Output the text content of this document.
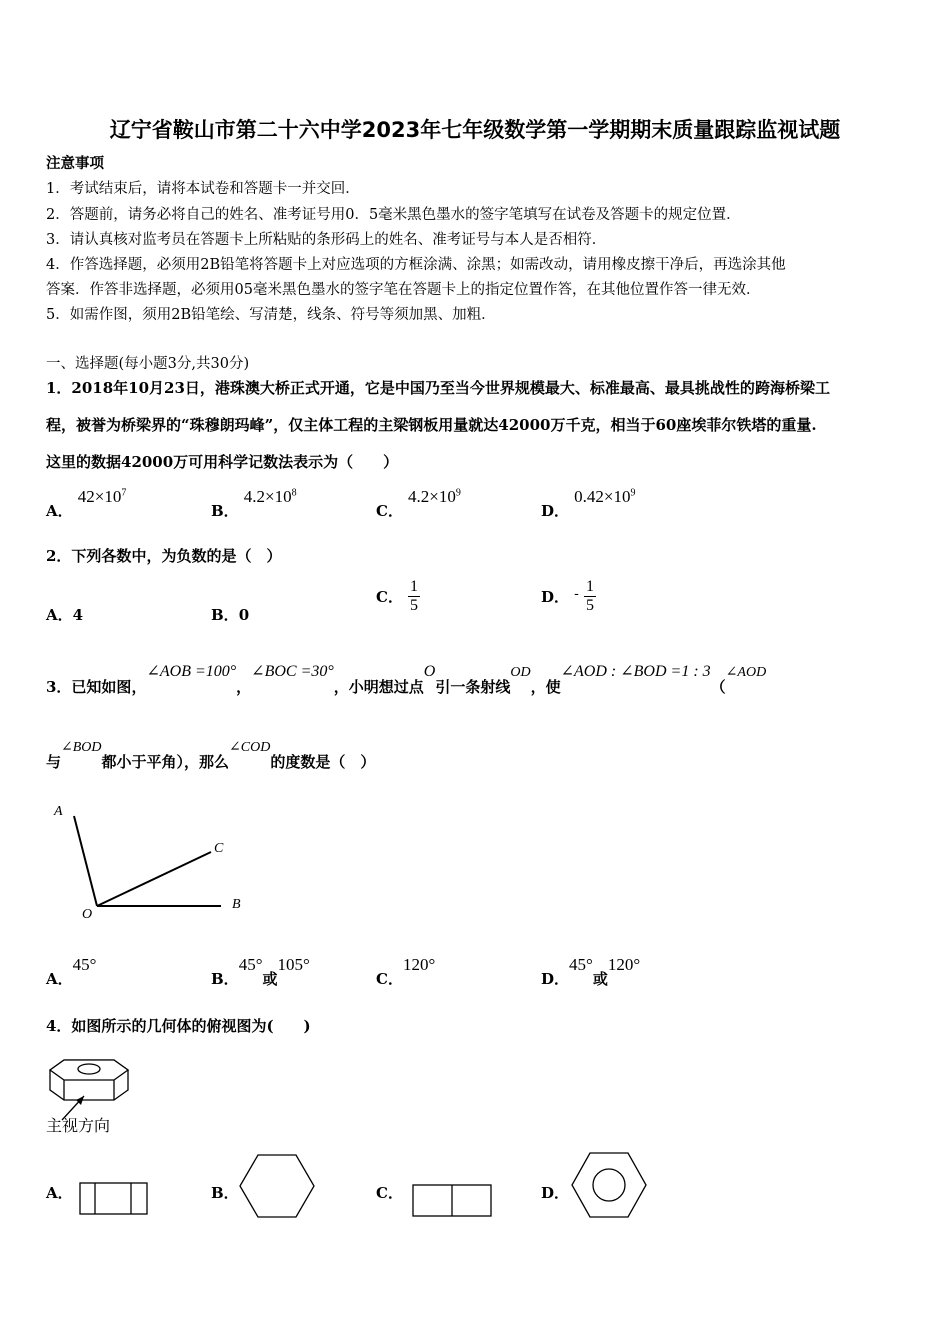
辽宁省鞍山市第二十六中学2023年七年级数学第一学期期末质量跟踪监视试题
注意事项
1．考试结束后，请将本试卷和答题卡一并交回．
2．答题前，请务必将自己的姓名、准考证号用0．5毫米黑色墨水的签字笔填写在试卷及答题卡的规定位置．
3．请认真核对监考员在答题卡上所粘贴的条形码上的姓名、准考证号与本人是否相符．
4．作答选择题，必须用2B铅笔将答题卡上对应选项的方框涂满、涂黑；如需改动，请用橡皮擦干净后，再选涂其他
答案．作答非选择题，必须用05毫米黑色墨水的签字笔在答题卡上的指定位置作答，在其他位置作答一律无效．
5．如需作图，须用2B铅笔绘、写清楚，线条、符号等须加黑、加粗．
一、选择题(每小题3分,共30分)
1．2018年10月23日，港珠澳大桥正式开通，它是中国乃至当今世界规模最大、标准最高、最具挑战性的跨海桥梁工
程，被誉为桥梁界的“珠穆朗玛峰”，仅主体工程的主梁钢板用量就达42000万千克，相当于60座埃菲尔铁塔的重量.
这里的数据42000万可用科学记数法表示为（　　）
A． $42\times 10^7$
B． $4.2\times 10^8$
C． $4.2\times 10^9$
D． $0.42\times 10^9$
2．下列各数中，为负数的是（　）
A．4	B．0
C． $\frac{1}{5}$	D． - $\frac{1}{5}$
3．已知如图，∠AOB =100°，∠BOC =30°，小明想过点O引一条射线OD，使∠AOD : ∠BOD =1 : 3（∠AOD
与∠BOD都小于平角），那么∠COD的度数是（　）
A
C
O
B
A．45°
B．45°或105°
C．120°
D．45°或120°
4．如图所示的几何体的俯视图为(　　)
主视方向
A．	B．	C．	D．
